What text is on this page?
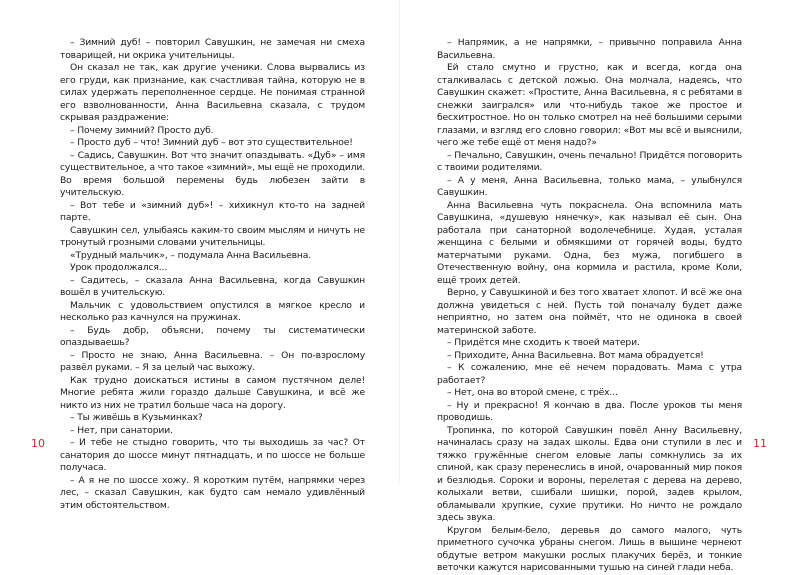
– Зимний дуб! – повторил Савушкин, не замечая ни смеха товарищей, ни окрика учительницы.

Он сказал не так, как другие ученики. Слова вырвались из его груди, как признание, как счастливая тайна, которую не в силах удержать переполненное сердце. Не понимая странной его взволнованности, Анна Васильевна сказала, с трудом скрывая раздражение:

– Почему зимний? Просто дуб.

– Просто дуб – что! Зимний дуб – вот это существительное!

– Садись, Савушкин. Вот что значит опаздывать. «Дуб» – имя существительное, а что такое «зимний», мы ещё не проходили. Во время большой перемены будь любезен зайти в учительскую.

– Вот тебе и «зимний дуб»! – хихикнул кто-то на задней парте.

Савушкин сел, улыбаясь каким-то своим мыслям и ничуть не тронутый грозными словами учительницы.

«Трудный мальчик», – подумала Анна Васильевна.

Урок продолжался...

– Садитесь, – сказала Анна Васильевна, когда Савушкин вошёл в учительскую.

Мальчик с удовольствием опустился в мягкое кресло и несколько раз качнулся на пружинах.

– Будь добр, объясни, почему ты систематически опаздываешь?

– Просто не знаю, Анна Васильевна. – Он по-взрослому развёл руками. – Я за целый час выхожу.

Как трудно доискаться истины в самом пустячном деле! Многие ребята жили гораздо дальше Савушкина, и всё же никто из них не тратил больше часа на дорогу.

– Ты живёшь в Кузьминках?

– Нет, при санатории.

– И тебе не стыдно говорить, что ты выходишь за час? От санатория до шоссе минут пятнадцать, и по шоссе не больше получаса.

– А я не по шоссе хожу. Я коротким путём, напрямки через лес, – сказал Савушкин, как будто сам немало удивлённый этим обстоятельством.

10

– Напрямик, а не напрямки, – привычно поправила Анна Васильевна.

Ей стало смутно и грустно, как и всегда, когда она сталкивалась с детской ложью. Она молчала, надеясь, что Савушкин скажет: «Простите, Анна Васильевна, я с ребятами в снежки заигрался» или что-нибудь такое же простое и бесхитростное. Но он только смотрел на неё большими серыми глазами, и взгляд его словно говорил: «Вот мы всё и выяснили, чего же тебе ещё от меня надо?»

– Печально, Савушкин, очень печально! Придётся поговорить с твоими родителями.

– А у меня, Анна Васильевна, только мама, – улыбнулся Савушкин.

Анна Васильевна чуть покраснела. Она вспомнила мать Савушкина, «душевую нянечку», как называл её сын. Она работала при санаторной водолечебнице. Худая, усталая женщина с белыми и обмякшими от горячей воды, будто матерчатыми руками. Одна, без мужа, погибшего в Отечественную войну, она кормила и растила, кроме Коли, ещё троих детей.

Верно, у Савушкиной и без того хватает хлопот. И всё же она должна увидеться с ней. Пусть той поначалу будет даже неприятно, но затем она поймёт, что не одинока в своей материнской заботе.

– Придётся мне сходить к твоей матери.

– Приходите, Анна Васильевна. Вот мама обрадуется!

– К сожалению, мне её нечем порадовать. Мама с утра работает?

– Нет, она во второй смене, с трёх...

– Ну и прекрасно! Я кончаю в два. После уроков ты меня проводишь.

Тропинка, по которой Савушкин повёл Анну Васильевну, начиналась сразу на задах школы. Едва они ступили в лес и тяжко гружённые снегом еловые лапы сомкнулись за их спиной, как сразу перенеслись в иной, очарованный мир покоя и безлюдья. Сороки и вороны, перелетая с дерева на дерево, колыхали ветви, сшибали шишки, порой, задев крылом, обламывали хрупкие, сухие прутики. Но ничто не рождало здесь звука.

Кругом белым-бело, деревья до самого малого, чуть приметного сучочка убраны снегом. Лишь в вышине чернеют обдутые ветром макушки рослых плакучих берёз, и тонкие веточки кажутся нарисованными тушью на синей глади неба.

11
